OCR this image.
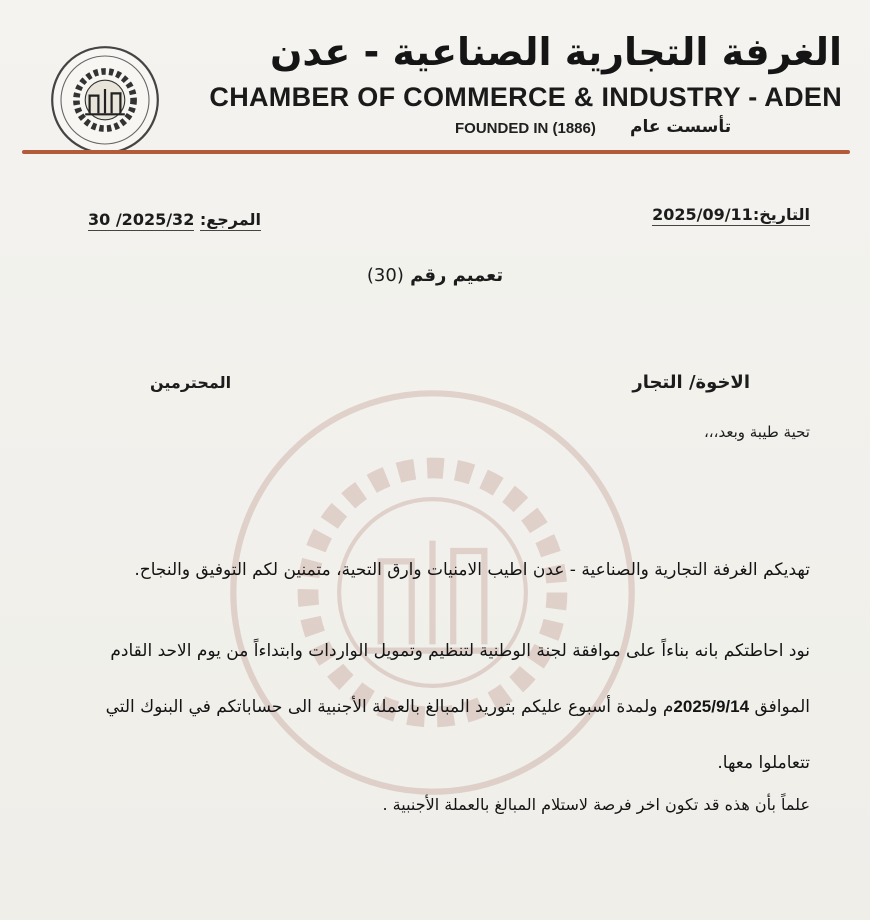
الغرفة التجارية الصناعية - عدن
CHAMBER OF COMMERCE & INDUSTRY - ADEN
FOUNDED IN (1886) تأسست عام
المرجع: 30 /2025/32	التاريخ:2025/09/11
تعميم رقم (30)
الاخوة/ التجار
المحترمين
تحية طيبة وبعد،،،
تهديكم الغرفة التجارية والصناعية - عدن اطيب الامنيات وارق التحية، متمنين لكم التوفيق والنجاح.
نود احاطتكم بانه بناءاً على موافقة لجنة الوطنية لتنظيم وتمويل الواردات وابتداءاً من يوم الاحد القادم الموافق 2025/9/14م ولمدة أسبوع عليكم بتوريد المبالغ بالعملة الأجنبية الى حساباتكم في البنوك التي تتعاملوا معها.
علماً بأن هذه قد تكون اخر فرصة لاستلام المبالغ بالعملة الأجنبية .
